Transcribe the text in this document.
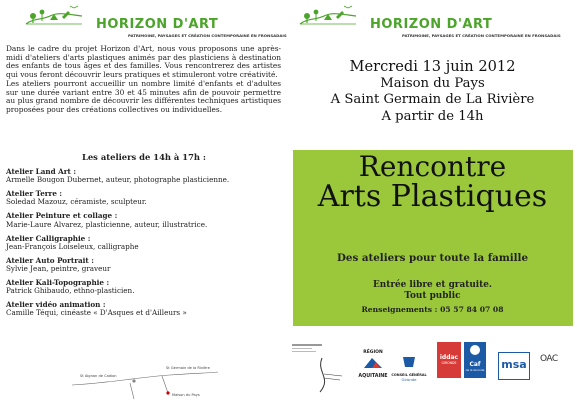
HORIZON D'ART
PATRIMOINE, PAYSAGES ET CRÉATION CONTEMPORAINE EN FRONSADAIS

Dans le cadre du projet Horizon d'Art, nous vous proposons une après-midi d'ateliers d'arts plastiques animés par des plasticiens à destination des enfants de tous âges et des familles. Vous rencontrerez des artistes qui vous feront découvrir leurs pratiques et stimuleront votre créativité.

Les ateliers pourront accueillir un nombre limité d'enfants et d'adultes sur une durée variant entre 30 et 45 minutes afin de pouvoir permettre au plus grand nombre de découvrir les différentes techniques artistiques proposées pour des créations collectives ou individuelles.

Les ateliers de 14h à 17h :
Atelier Land Art :
Armelle Bougon Dubernet, auteur, photographe plasticienne.
Atelier Terre :
Soledad Mazouz, céramiste, sculpteur.
Atelier Peinture et collage :
Marie-Laure Alvarez, plasticienne, auteur, illustratrice.
Atelier Calligraphie :
Jean-François Loiseleux, calligraphe
Atelier Auto Portrait :
Sylvie Jean, peintre, graveur
Atelier Kali-Topographie :
Patrick Ghibaudo, ethno-plasticien.
Atelier vidéo animation :
Camille Téqui, cinéaste « D'Asques et d'Ailleurs »
St Aignan de Cadion
St Germain de la Rivière
Maison du Pays
HORIZON D'ART
PATRIMOINE, PAYSAGES ET CRÉATION CONTEMPORAINE EN FRONSADAIS
Mercredi 13 juin 2012
Maison du Pays
A Saint Germain de La Rivière
A partir de 14h
Rencontre
Arts Plastiques
Des ateliers pour toute la famille
Entrée libre et gratuite.
Tout public
Renseignements : 05 57 84 07 08
RÉGION
AQUITAINE	CONSEIL GÉNÉRAL
Gironde
iddac
GIRONDE	Caf
de la Gironde msa OAC
